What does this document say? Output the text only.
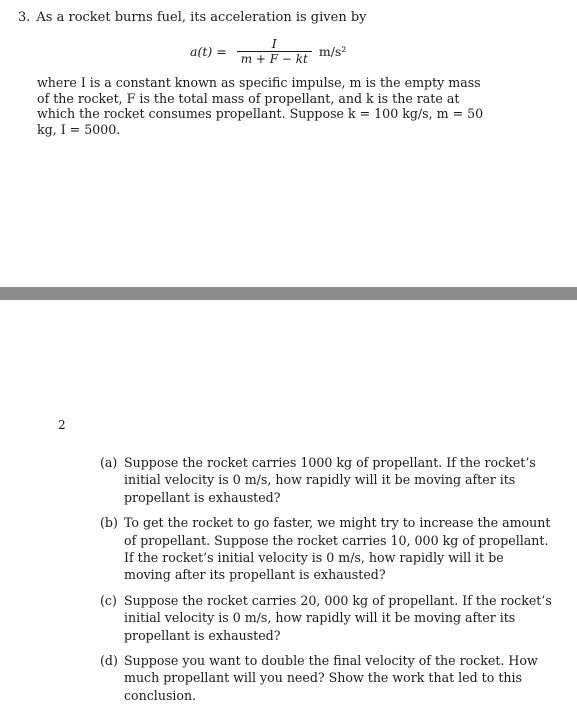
3. As a rocket burns fuel, its acceleration is given by
$a(t) = \frac{I}{m + F - kt} m/s^2$

where I is a constant known as specific impulse, m is the empty mass

of the rocket, F is the total mass of propellant, and k is the rate at

which the rocket consumes propellant. Suppose k = 100 kg/s, m = 50

kg, I = 5000.

2
(a) Suppose the rocket carries 1000 kg of propellant. If the rocket’s

initial velocity is 0 m/s, how rapidly will it be moving after its

propellant is exhausted?

(b) To get the rocket to go faster, we might try to increase the amount

of propellant. Suppose the rocket carries 10, 000 kg of propellant.

If the rocket’s initial velocity is 0 m/s, how rapidly will it be

moving after its propellant is exhausted?

(c) Suppose the rocket carries 20, 000 kg of propellant. If the rocket’s

initial velocity is 0 m/s, how rapidly will it be moving after its

propellant is exhausted?

(d) Suppose you want to double the final velocity of the rocket. How

much propellant will you need? Show the work that led to this

conclusion.
